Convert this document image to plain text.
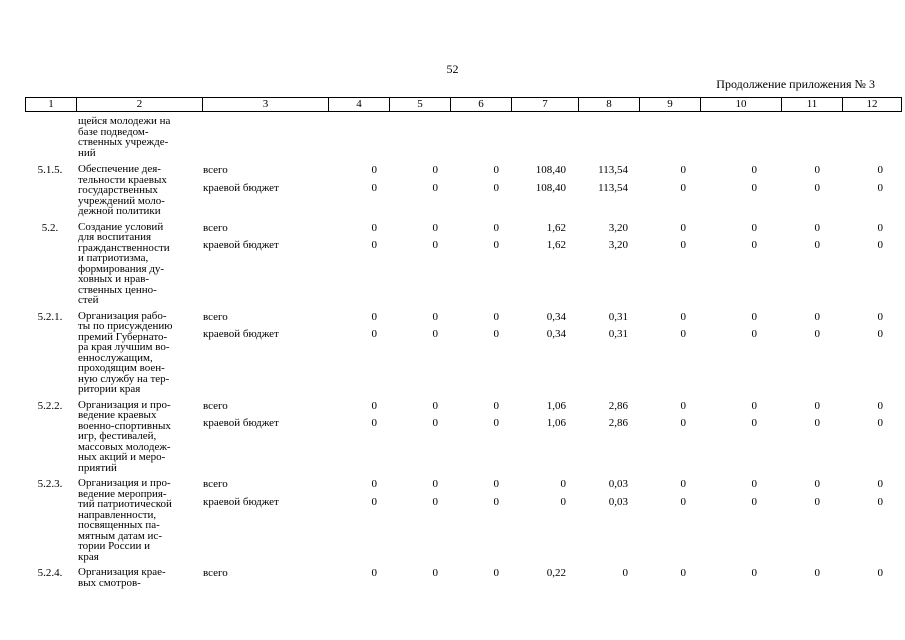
52
Продолжение приложения № 3
1	2	3	4	5	6	7	8	9	10	11	12
щейся молодежи на
базе подведом-
ственных учрежде-
ний
5.1.5.	Обеспечение дея-
тельности краевых
государственных
учреждений моло-
дежной политики
всего	0	0	0	108,40	113,54	0	0	0	0
краевой бюджет	0	0	0	108,40	113,54	0	0	0	0
5.2.	Создание условий
для воспитания
гражданственности
и патриотизма,
формирования ду-
ховных и нрав-
ственных ценно-
стей
всего	0	0	0	1,62	3,20	0	0	0	0
краевой бюджет	0	0	0	1,62	3,20	0	0	0	0
5.2.1.	Организация рабо-
ты по присуждению
премий Губернато-
ра края лучшим во-
еннослужащим,
проходящим воен-
ную службу на тер-
ритории края
всего	0	0	0	0,34	0,31	0	0	0	0
краевой бюджет	0	0	0	0,34	0,31	0	0	0	0
5.2.2.	Организация и про-
ведение краевых
военно-спортивных
игр, фестивалей,
массовых молодеж-
ных акций и меро-
приятий
всего	0	0	0	1,06	2,86	0	0	0	0
краевой бюджет	0	0	0	1,06	2,86	0	0	0	0
5.2.3.	Организация и про-
ведение мероприя-
тий патриотической
направленности,
посвященных па-
мятным датам ис-
тории России и
края
всего	0	0	0	0	0,03	0	0	0	0
краевой бюджет	0	0	0	0	0,03	0	0	0	0
5.2.4.	Организация крае-
вых смотров-
всего	0	0	0	0,22	0	0	0	0	0
